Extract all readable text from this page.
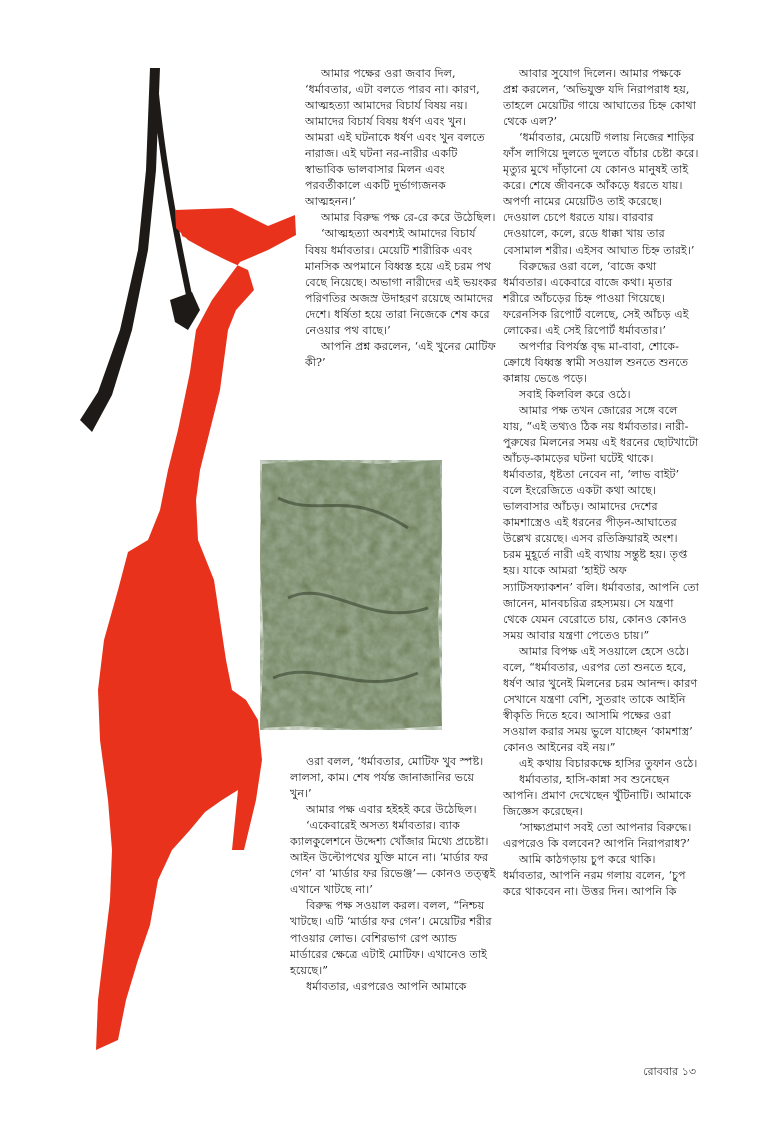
আমার পক্ষের ওরা জবাব দিল, ‘ধর্মাবতার, এটা বলতে পারব না। কারণ, আত্মহত্যা আমাদের বিচার্য বিষয় নয়। আমাদের বিচার্য বিষয় ধর্ষণ এবং খুন। আমরা এই ঘটনাকে ধর্ষণ এবং খুন বলতে নারাজ। এই ঘটনা নর-নারীর একটি স্বাভাবিক ভালবাসার মিলন এবং পরবর্তীকালে একটি দুর্ভাগ্যজনক আত্মহনন।’

আমার বিরুদ্ধ পক্ষ রে-রে করে উঠেছিল।

‘আত্মহত্যা অবশ্যই আমাদের বিচার্য বিষয় ধর্মাবতার। মেয়েটি শারীরিক এবং মানসিক অপমানে বিধ্বস্ত হয়ে এই চরম পথ বেছে নিয়েছে। অভাগা নারীদের এই ভয়ংকর পরিণতির অজস্র উদাহরণ রয়েছে আমাদের দেশে। ধর্ষিতা হয়ে তারা নিজেকে শেষ করে নেওয়ার পথ বাছে।’

আপনি প্রশ্ন করলেন, ‘এই খুনের মোটিফ কী?’

ওরা বলল, ‘ধর্মাবতার, মোটিফ খুব স্পষ্ট। লালসা, কাম। শেষ পর্যন্ত জানাজানির ভয়ে খুন।’

আমার পক্ষ এবার হইহই করে উঠেছিল।

‘একেবারেই অসত্য ধর্মাবতার। ব্যাক ক্যালকুলেশনে উদ্দেশ্য খোঁজার মিথ্যে প্রচেষ্টা। আইন উল্টোপথের যুক্তি মানে না। ‘মার্ডার ফর গেন’ বা ‘মার্ডার ফর রিভেঞ্জ’— কোনও তত্ত্বই এখানে খাটছে না।’

বিরুদ্ধ পক্ষ সওয়াল করল। বলল, “নিশ্চয় খাটছে। এটি ‘মার্ডার ফর গেন’। মেয়েটির শরীর পাওয়ার লোভ। বেশিরভাগ রেপ অ্যান্ড মার্ডারের ক্ষেত্রে এটাই মোটিফ। এখানেও তাই হয়েছে।”

ধর্মাবতার, এরপরেও আপনি আমাকে

আবার সুযোগ দিলেন। আমার পক্ষকে প্রশ্ন করলেন, ‘অভিযুক্ত যদি নিরাপরাধ হয়, তাহলে মেয়েটির গায়ে আঘাতের চিহ্ন কোথা থেকে এল?’

‘ধর্মাবতার, মেয়েটি গলায় নিজের শাড়ির ফাঁস লাগিয়ে দুলতে দুলতে বাঁচার চেষ্টা করে। মৃত্যুর মুখে দাঁড়ানো যে কোনও মানুষই তাই করে। শেষে জীবনকে আঁকড়ে ধরতে যায়। অপর্ণা নামের মেয়েটিও তাই করেছে। দেওয়াল চেপে ধরতে যায়। বারবার দেওয়ালে, কলে, রডে ধাক্কা খায় তার বেসামাল শরীর। এইসব আঘাত চিহ্ন তারই।’

বিরুদ্ধের ওরা বলে, ‘বাজে কথা ধর্মাবতার। একেবারে বাজে কথা। মৃতার শরীরে আঁচড়ের চিহ্ন পাওয়া গিয়েছে। ফরেনসিক রিপোর্ট বলেছে, সেই আঁচড় এই লোকের। এই সেই রিপোর্ট ধর্মাবতার।’

অপর্ণার বিপর্যস্ত বৃদ্ধ মা-বাবা, শোকে-ক্রোধে বিধ্বস্ত স্বামী সওয়াল শুনতে শুনতে কান্নায় ভেঙে পড়ে।

সবাই কিলবিল করে ওঠে।

আমার পক্ষ তখন জোরের সঙ্গে বলে যায়, “এই তথ্যও ঠিক নয় ধর্মাবতার। নারী-পুরুষের মিলনের সময় এই ধরনের ছোটখাটো আঁচড়-কামড়ের ঘটনা ঘটেই থাকে। ধর্মাবতার, ধৃষ্টতা নেবেন না, ‘লাভ বাইট’ বলে ইংরেজিতে একটা কথা আছে। ভালবাসার আঁচড়। আমাদের দেশের কামশাস্ত্রেও এই ধরনের পীড়ন-আঘাতের উল্লেখ রয়েছে। এসব রতিক্রিয়ারই অংশ। চরম মুহূর্তে নারী এই ব্যথায় সন্তুষ্ট হয়। তৃপ্ত হয়। যাকে আমরা ‘হাইট অফ স্যাটিসফ্যাকশন’ বলি। ধর্মাবতার, আপনি তো জানেন, মানবচরিত্র রহস্যময়। সে যন্ত্রণা থেকে যেমন বেরোতে চায়, কোনও কোনও সময় আবার যন্ত্রণা পেতেও চায়।”

আমার বিপক্ষ এই সওয়ালে হেসে ওঠে। বলে, “ধর্মাবতার, এরপর তো শুনতে হবে, ধর্ষণ আর খুনেই মিলনের চরম আনন্দ। কারণ সেখানে যন্ত্রণা বেশি, সুতরাং তাকে আইনি স্বীকৃতি দিতে হবে। আসামি পক্ষের ওরা সওয়াল করার সময় ভুলে যাচ্ছেন ‘কামশাস্ত্র’ কোনও আইনের বই নয়।”

এই কথায় বিচারকক্ষে হাসির তুফান ওঠে।

ধর্মাবতার, হাসি-কান্না সব শুনেছেন আপনি। প্রমাণ দেখেছেন খুঁটিনাটি। আমাকে জিজ্ঞেস করেছেন।

‘সাক্ষ্যপ্রমাণ সবই তো আপনার বিরুদ্ধে। এরপরেও কি বলবেন? আপনি নিরাপরাধ?’

আমি কাঠগড়ায় চুপ করে থাকি। ধর্মাবতার, আপনি নরম গলায় বলেন, ‘চুপ করে থাকবেন না। উত্তর দিন। আপনি কি

রোববার ১৩
